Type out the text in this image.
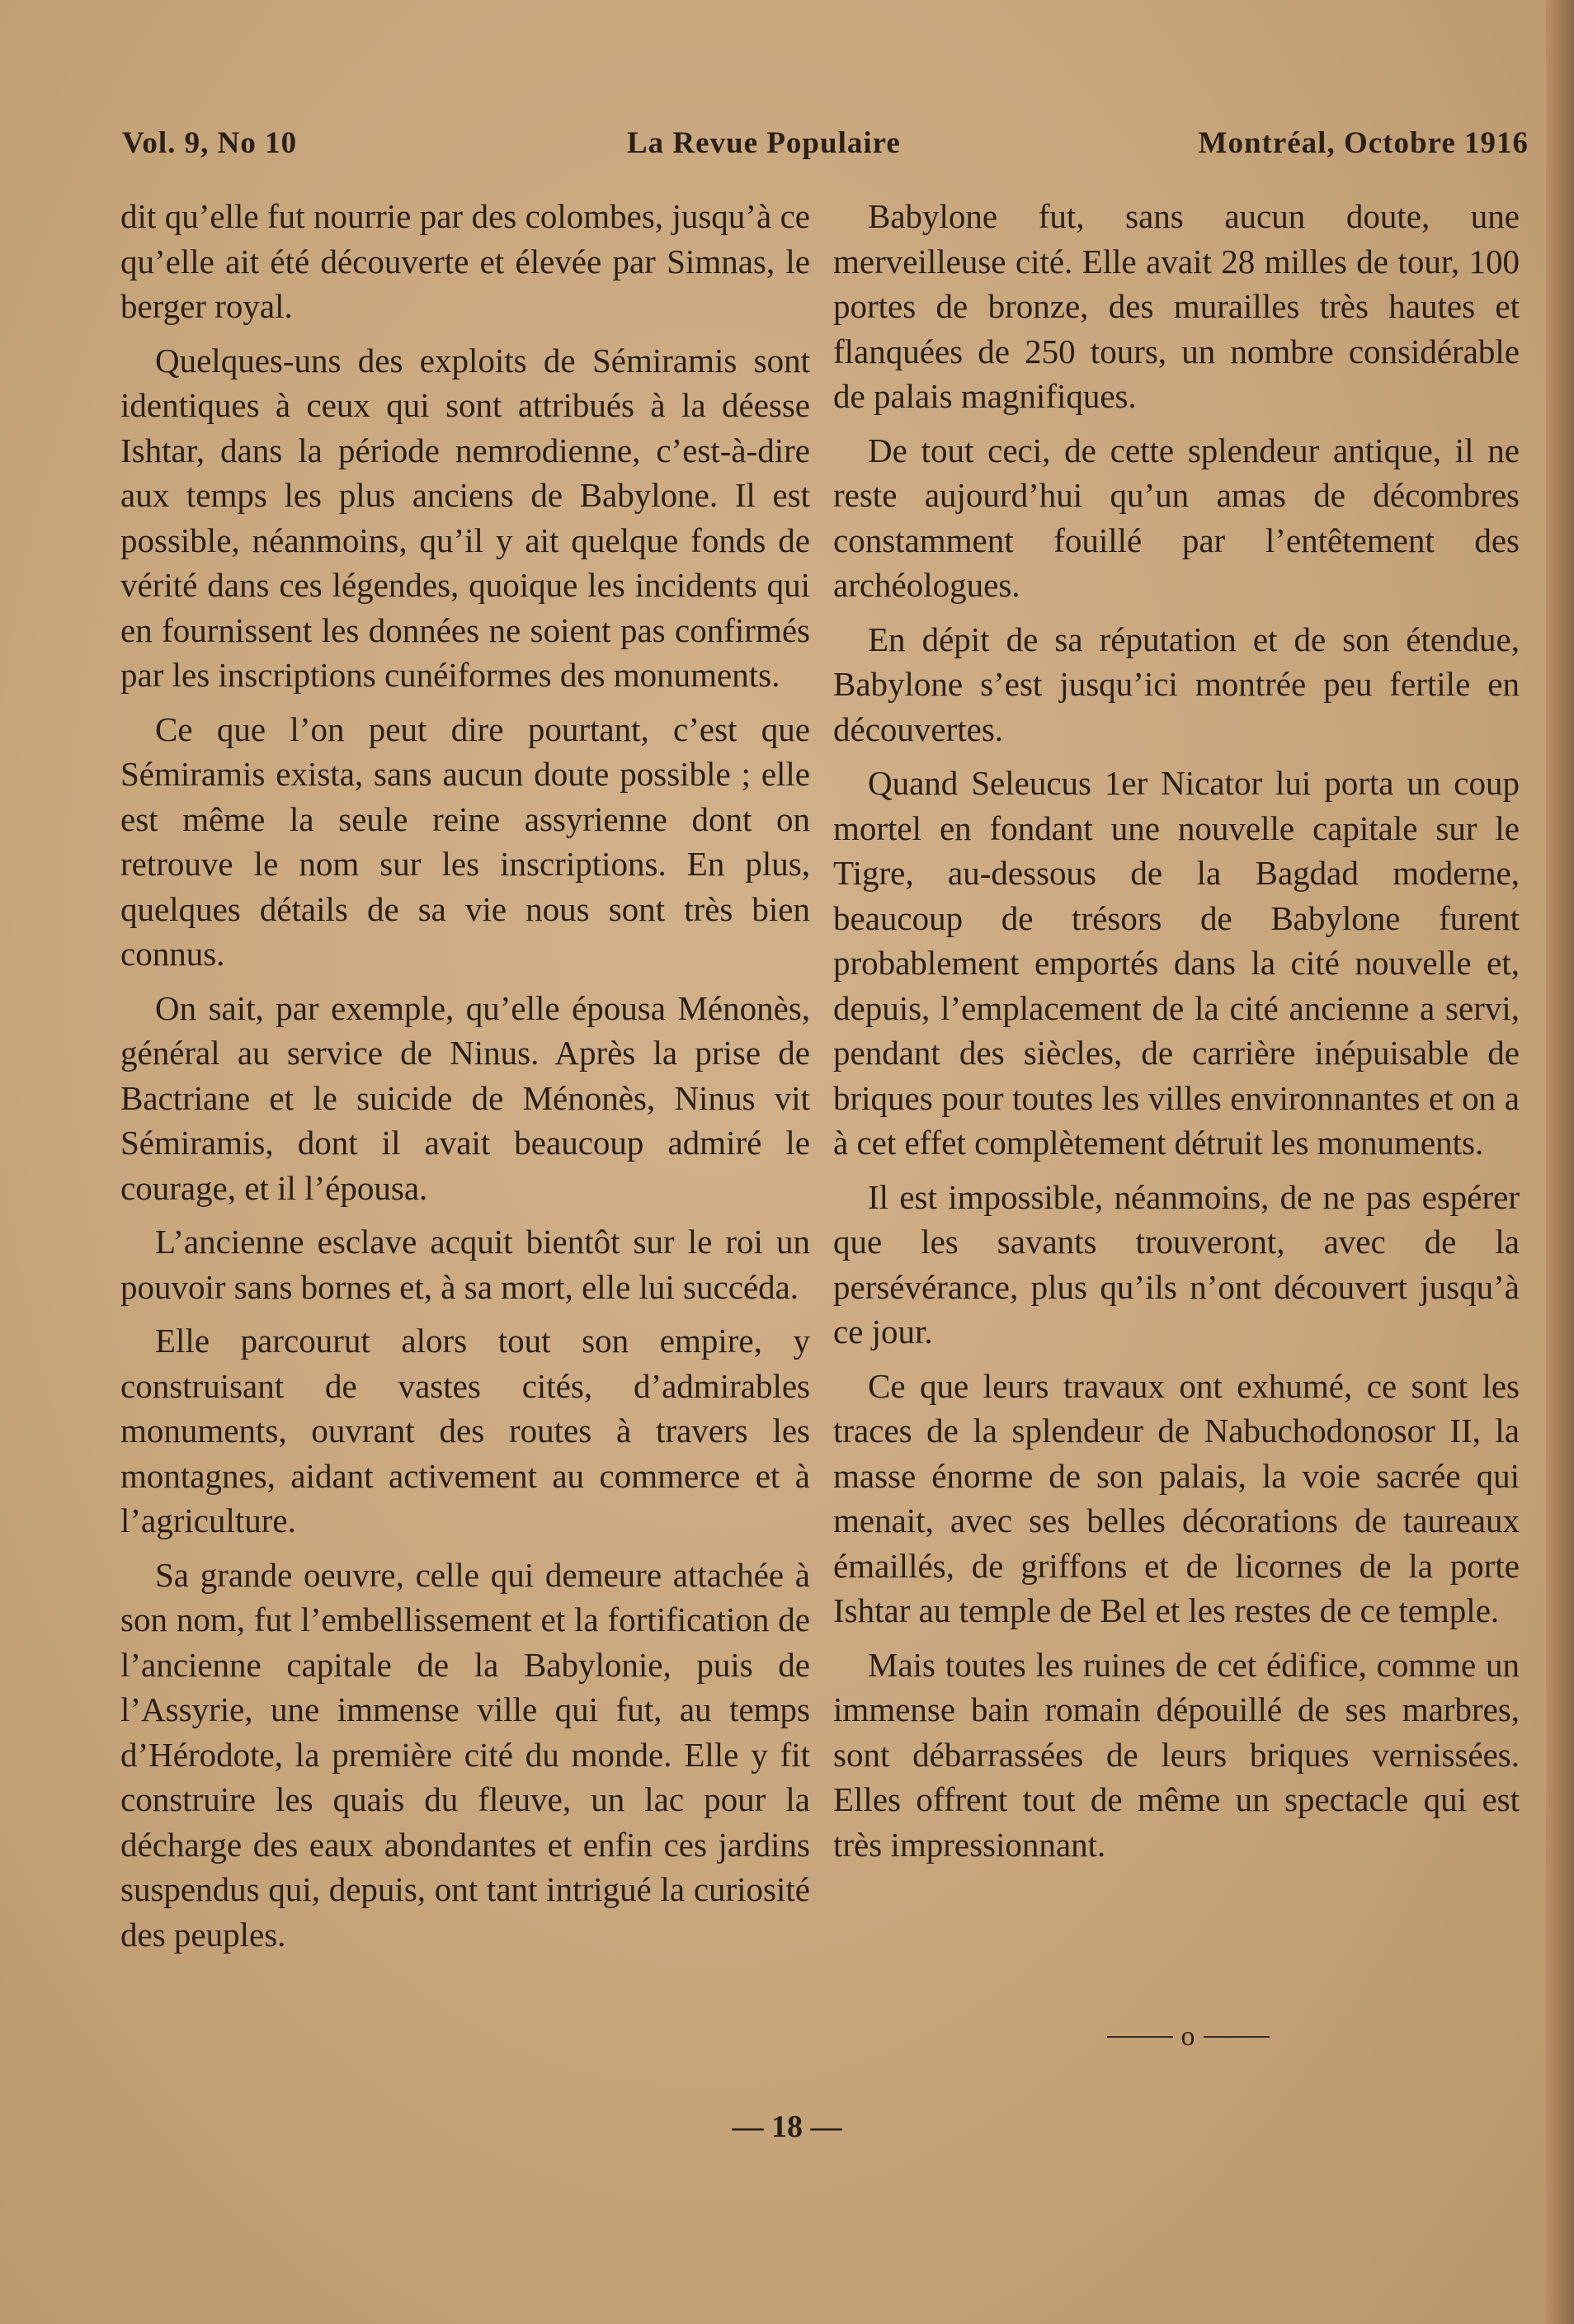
Vol. 9, No 10	La Revue Populaire	Montréal, Octobre 1916

dit qu’elle fut nourrie par des colombes, jusqu’à ce qu’elle ait été découverte et élevée par Simnas, le berger royal.

Quelques-uns des exploits de Sémiramis sont identiques à ceux qui sont attribués à la déesse Ishtar, dans la période nemrodienne, c’est-à-dire aux temps les plus anciens de Babylone. Il est possible, néanmoins, qu’il y ait quelque fonds de vérité dans ces légendes, quoique les incidents qui en fournissent les données ne soient pas confirmés par les inscriptions cunéiformes des monuments.

Ce que l’on peut dire pourtant, c’est que Sémiramis exista, sans aucun doute possible ; elle est même la seule reine assyrienne dont on retrouve le nom sur les inscriptions. En plus, quelques détails de sa vie nous sont très bien connus.

On sait, par exemple, qu’elle épousa Ménonès, général au service de Ninus. Après la prise de Bactriane et le suicide de Ménonès, Ninus vit Sémiramis, dont il avait beaucoup admiré le courage, et il l’épousa.

L’ancienne esclave acquit bientôt sur le roi un pouvoir sans bornes et, à sa mort, elle lui succéda.

Elle parcourut alors tout son empire, y construisant de vastes cités, d’admirables monuments, ouvrant des routes à travers les montagnes, aidant activement au commerce et à l’agriculture.

Sa grande oeuvre, celle qui demeure attachée à son nom, fut l’embellissement et la fortification de l’ancienne capitale de la Babylonie, puis de l’Assyrie, une immense ville qui fut, au temps d’Hérodote, la première cité du monde. Elle y fit construire les quais du fleuve, un lac pour la décharge des eaux abondantes et enfin ces jardins suspendus qui, depuis, ont tant intrigué la curiosité des peuples.

Babylone fut, sans aucun doute, une merveilleuse cité. Elle avait 28 milles de tour, 100 portes de bronze, des murailles très hautes et flanquées de 250 tours, un nombre considérable de palais magnifiques.

De tout ceci, de cette splendeur antique, il ne reste aujourd’hui qu’un amas de décombres constamment fouillé par l’entêtement des archéologues.

En dépit de sa réputation et de son étendue, Babylone s’est jusqu’ici montrée peu fertile en découvertes.

Quand Seleucus 1er Nicator lui porta un coup mortel en fondant une nouvelle capitale sur le Tigre, au-dessous de la Bagdad moderne, beaucoup de trésors de Babylone furent probablement emportés dans la cité nouvelle et, depuis, l’emplacement de la cité ancienne a servi, pendant des siècles, de carrière inépuisable de briques pour toutes les villes environnantes et on a à cet effet complètement détruit les monuments.

Il est impossible, néanmoins, de ne pas espérer que les savants trouveront, avec de la persévérance, plus qu’ils n’ont découvert jusqu’à ce jour.

Ce que leurs travaux ont exhumé, ce sont les traces de la splendeur de Nabuchodonosor II, la masse énorme de son palais, la voie sacrée qui menait, avec ses belles décorations de taureaux émaillés, de griffons et de licornes de la porte Ishtar au temple de Bel et les restes de ce temple.

Mais toutes les ruines de cet édifice, comme un immense bain romain dépouillé de ses marbres, sont débarrassées de leurs briques vernissées. Elles offrent tout de même un spectacle qui est très impressionnant.

o
— 18 —
